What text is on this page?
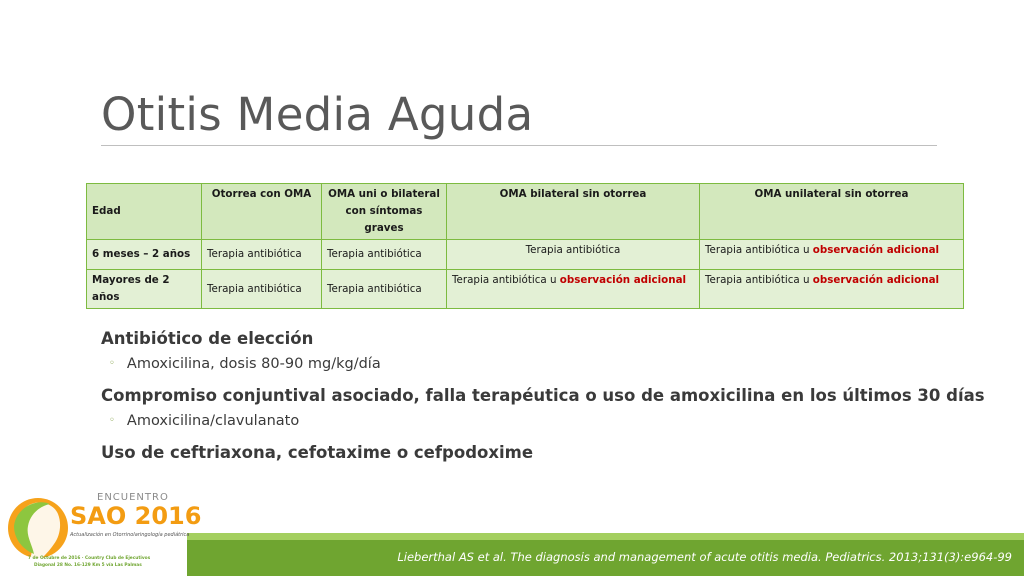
Otitis Media Aguda
Edad	Otorrea con OMA	OMA uni o bilateral con síntomas graves	OMA bilateral sin otorrea	OMA unilateral sin otorrea
6 meses – 2 años	Terapia antibiótica	Terapia antibiótica	Terapia antibiótica	Terapia antibiótica u observación adicional
Mayores de 2 años	Terapia antibiótica	Terapia antibiótica	Terapia antibiótica u observación adicional	Terapia antibiótica u observación adicional

Antibiótico de elección

◦ Amoxicilina, dosis 80-90 mg/kg/día

Compromiso conjuntival asociado, falla terapéutica o uso de amoxicilina en los últimos 30 días

◦ Amoxicilina/clavulanato

Uso de ceftriaxona, cefotaxime o cefpodoxime

Lieberthal AS et al. The diagnosis and management of acute otitis media. Pediatrics. 2013;131(3):e964-99
ENCUENTRO
SAO 2016
Actualización en Otorrinolaringología pediátrica
7 de Octubre de 2016 · Country Club de Ejecutivos
Diagonal 28 No. 16-129 Km 5 vía Las Palmas
